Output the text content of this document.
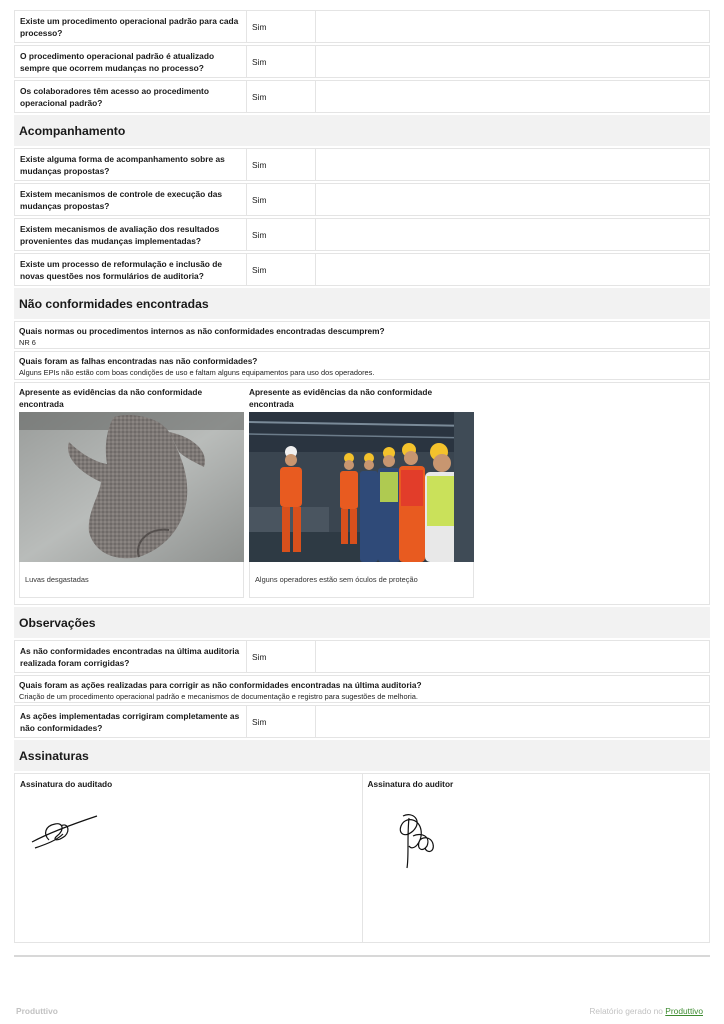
Existe um procedimento operacional padrão para cada processo?
Sim
O procedimento operacional padrão é atualizado sempre que ocorrem mudanças no processo?
Sim
Os colaboradores têm acesso ao procedimento operacional padrão?
Sim
Acompanhamento
Existe alguma forma de acompanhamento sobre as mudanças propostas?
Sim
Existem mecanismos de controle de execução das mudanças propostas?
Sim
Existem mecanismos de avaliação dos resultados provenientes das mudanças implementadas?
Sim
Existe um processo de reformulação e inclusão de novas questões nos formulários de auditoria?
Sim
Não conformidades encontradas
Quais normas ou procedimentos internos as não conformidades encontradas descumprem?
NR 6
Quais foram as falhas encontradas nas não conformidades?
Alguns EPIs não estão com boas condições de uso e faltam alguns equipamentos para uso dos operadores.
Apresente as evidências da não conformidade encontrada
Luvas desgastadas
Apresente as evidências da não conformidade encontrada
Alguns operadores estão sem óculos de proteção
Observações
As não conformidades encontradas na última auditoria realizada foram corrigidas?
Sim
Quais foram as ações realizadas para corrigir as não conformidades encontradas na última auditoria?
Criação de um procedimento operacional padrão e mecanismos de documentação e registro para sugestões de melhoria.
As ações implementadas corrigiram completamente as não conformidades?
Sim
Assinaturas
Assinatura do auditado	Assinatura do auditor
Produttivo	Relatório gerado no Produttivo
